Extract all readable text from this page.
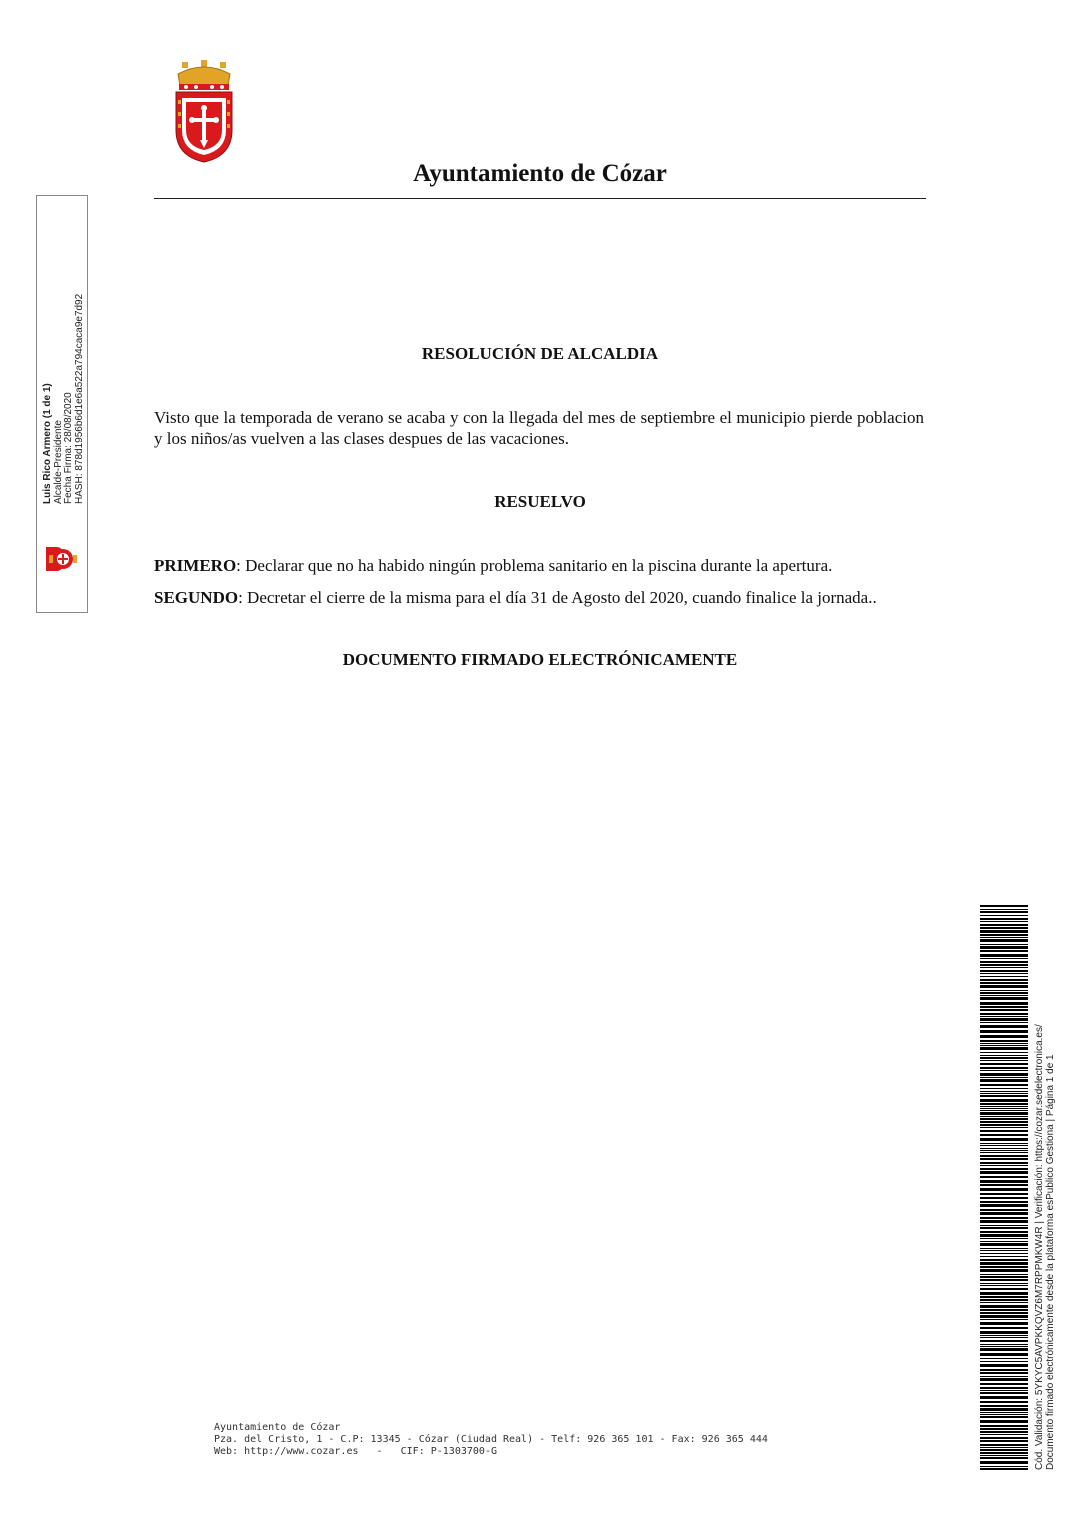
Ayuntamiento de Cózar
Luis Rico Armero (1 de 1) Alcalde-Presidente Fecha Firma: 28/08/2020 HASH: 878d1956b6d1e6a522a794caca9e7d92	RESOLUCIÓN DE ALCALDIA
Visto que la temporada de verano se acaba y con la llegada del mes de septiembre el municipio pierde poblacion y los niños/as vuelven a las clases despues de las vacaciones.
RESUELVO
PRIMERO: Declarar que no ha habido ningún problema sanitario en la piscina durante la apertura.
SEGUNDO: Decretar el cierre de la misma para el día 31 de Agosto del 2020, cuando finalice la jornada..
DOCUMENTO FIRMADO ELECTRÓNICAMENTE
Ayuntamiento de Cózar
Pza. del Cristo, 1 - C.P: 13345 - Cózar (Ciudad Real) - Telf: 926 365 101 - Fax: 926 365 444
Web: http://www.cozar.es   -   CIF: P-1303700-G	Cód. Validación: 5YKYC5AVPKKQVZ6M7RPPMKW4R | Verificación: https://cozar.sedelectronica.es/ Documento firmado electrónicamente desde la plataforma esPublico Gestiona | Página 1 de 1
